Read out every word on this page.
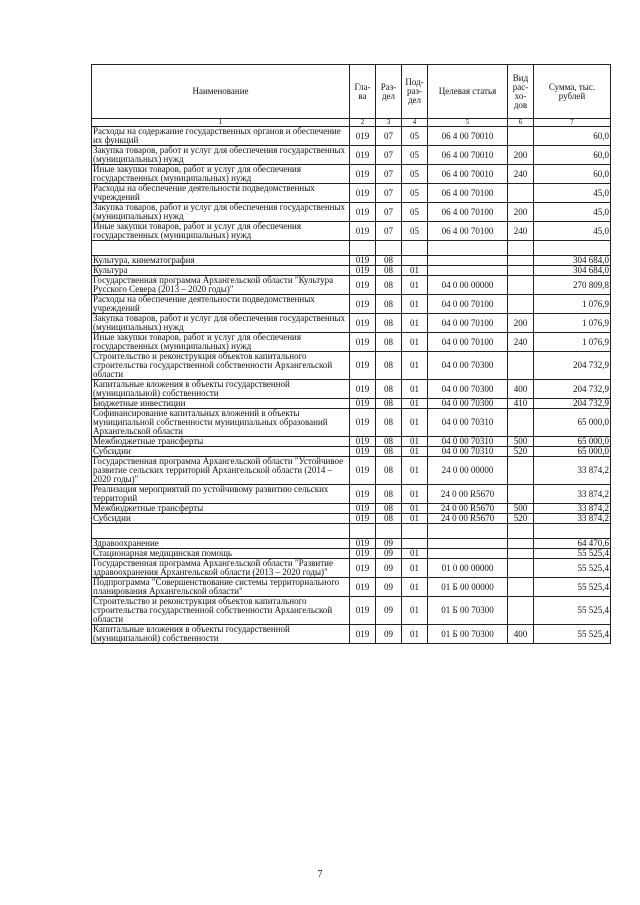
Наименование	Гла-ва	Раз-дел	Под-раз-дел	Целевая статья	Вид рас-хо-дов	Сумма, тыс. рублей
1	2	3	4	5	6	7
Расходы на содержание государственных органов и обеспечение их функций	019	07	05	06 4 00 70010		60,0
Закупка товаров, работ и услуг для обеспечения государственных (муниципальных) нужд	019	07	05	06 4 00 70010	200	60,0
Иные закупки товаров, работ и услуг для обеспечения государственных (муниципальных) нужд	019	07	05	06 4 00 70010	240	60,0
Расходы на обеспечение деятельности подведомственных учреждений	019	07	05	06 4 00 70100		45,0
Закупка товаров, работ и услуг для обеспечения государственных (муниципальных) нужд	019	07	05	06 4 00 70100	200	45,0
Иные закупки товаров, работ и услуг для обеспечения государственных (муниципальных) нужд	019	07	05	06 4 00 70100	240	45,0

Культура, кинематография	019	08				304 684,0
Культура	019	08	01			304 684,0
Государственная программа Архангельской области "Культура Русского Севера (2013 – 2020 годы)"	019	08	01	04 0 00 00000		270 809,8
Расходы на обеспечение деятельности подведомственных учреждений	019	08	01	04 0 00 70100		1 076,9
Закупка товаров, работ и услуг для обеспечения государственных (муниципальных) нужд	019	08	01	04 0 00 70100	200	1 076,9
Иные закупки товаров, работ и услуг для обеспечения государственных (муниципальных) нужд	019	08	01	04 0 00 70100	240	1 076,9
Строительство и реконструкция объектов капитального строительства государственной собственности Архангельской области	019	08	01	04 0 00 70300		204 732,9
Капитальные вложения в объекты государственной (муниципальной) собственности	019	08	01	04 0 00 70300	400	204 732,9
Бюджетные инвестиции	019	08	01	04 0 00 70300	410	204 732,9
Софинансирование капитальных вложений в объекты муниципальной собственности муниципальных образований Архангельской области	019	08	01	04 0 00 70310		65 000,0
Межбюджетные трансферты	019	08	01	04 0 00 70310	500	65 000,0
Субсидии	019	08	01	04 0 00 70310	520	65 000,0
Государственная программа Архангельской области "Устойчивое развитие сельских территорий Архангельской области (2014 – 2020 годы)"	019	08	01	24 0 00 00000		33 874,2
Реализация мероприятий по устойчивому развитию сельских территорий	019	08	01	24 0 00 R5670		33 874,2
Межбюджетные трансферты	019	08	01	24 0 00 R5670	500	33 874,2
Субсидии	019	08	01	24 0 00 R5670	520	33 874,2

Здравоохранение	019	09				64 470,6
Стационарная медицинская помощь	019	09	01			55 525,4
Государственная программа Архангельской области "Развитие здравоохранения Архангельской области (2013 – 2020 годы)"	019	09	01	01 0 00 00000		55 525,4
Подпрограмма "Совершенствование системы территориального планирования Архангельской области"	019	09	01	01 Б 00 00000		55 525,4
Строительство и реконструкция объектов капитального строительства государственной собственности Архангельской области	019	09	01	01 Б 00 70300		55 525,4
Капитальные вложения в объекты государственной (муниципальной) собственности	019	09	01	01 Б 00 70300	400	55 525,4
7
